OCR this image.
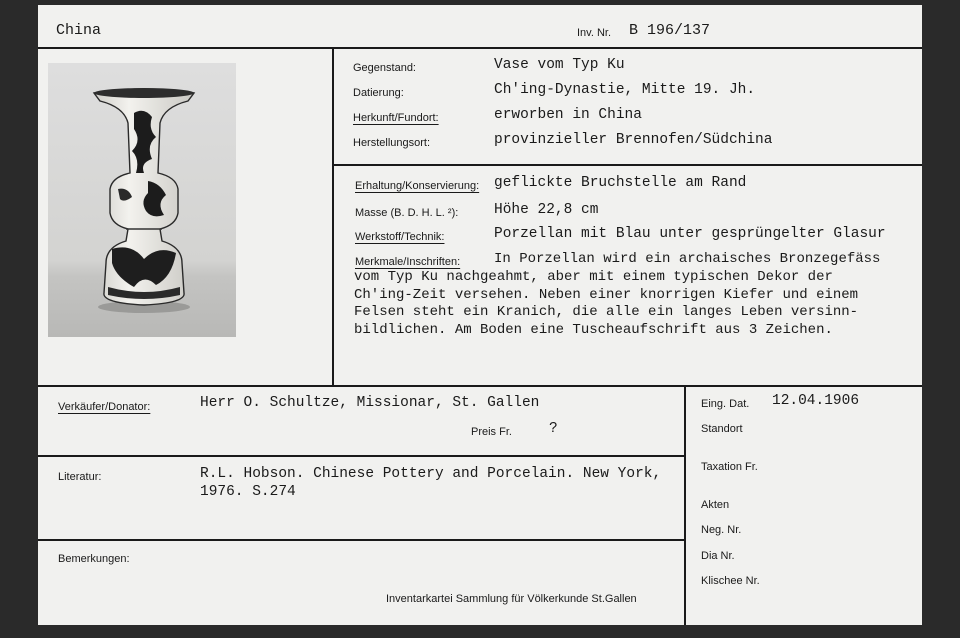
China	Inv. Nr. B 196/137
Gegenstand:	Vase vom Typ Ku
Datierung:	Ch'ing-Dynastie, Mitte 19. Jh.
Herkunft/Fundort:	erworben in China
Herstellungsort:	provinzieller Brennofen/Südchina
Erhaltung/Konservierung: geflickte Bruchstelle am Rand
Masse (B. D. H. L. ²): Höhe 22,8 cm
Werkstoff/Technik:	Porzellan mit Blau unter gesprüngelter Glasur
Merkmale/Inschriften: In Porzellan wird ein archaisches Bronzegefäss
vom Typ Ku nachgeahmt, aber mit einem typischen Dekor der
Ch'ing-Zeit versehen. Neben einer knorrigen Kiefer und einem
Felsen steht ein Kranich, die alle ein langes Leben versinn-
bildlichen. Am Boden eine Tuscheaufschrift aus 3 Zeichen.
Verkäufer/Donator:	Herr O. Schultze, Missionar, St. Gallen
Preis Fr.	?
Literatur:	R.L. Hobson. Chinese Pottery and Porcelain. New York,
1976. S.274
Bemerkungen:
Inventarkartei Sammlung für Völkerkunde St.Gallen
Eing. Dat. 12.04.1906
Standort
Taxation Fr.
Akten
Neg. Nr.
Dia Nr.
Klischee Nr.
